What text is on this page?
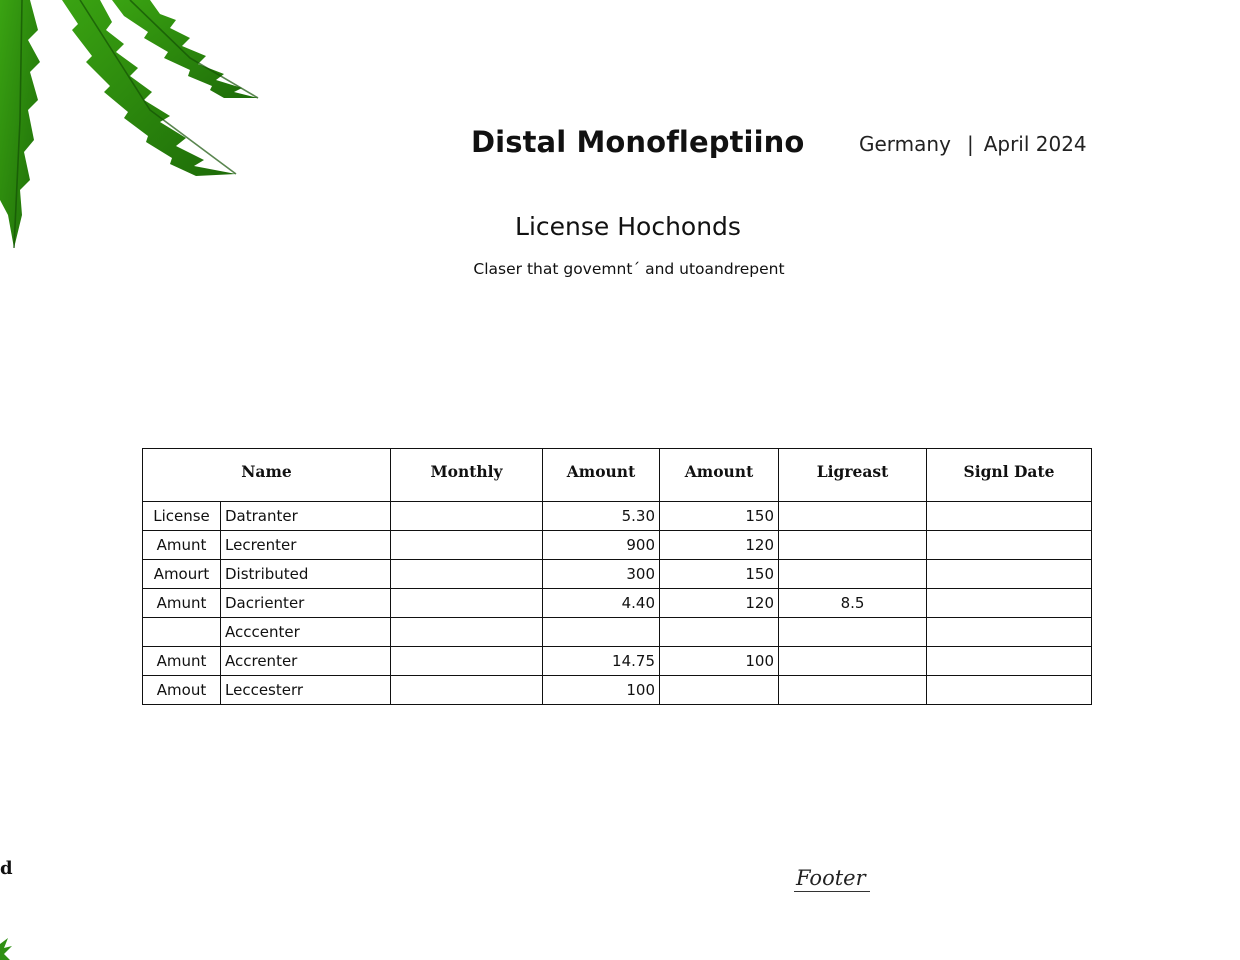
d
Distal Monofleptiino	Germany | April 2024
License Hochonds
Claser that govemnt´ and utoandrepent
Name		Monthly	Amount	Amount	Ligreast	Signl Date
License	Datranter		5.30	150		
Amunt	Lecrenter		900	120		
Amourt	Distributed		300	150		
Amunt	Dacrienter		4.40	120	8.5	
	Acccenter					
Amunt	Accrenter		14.75	100		
Amout	Leccesterr		100			
Footer
